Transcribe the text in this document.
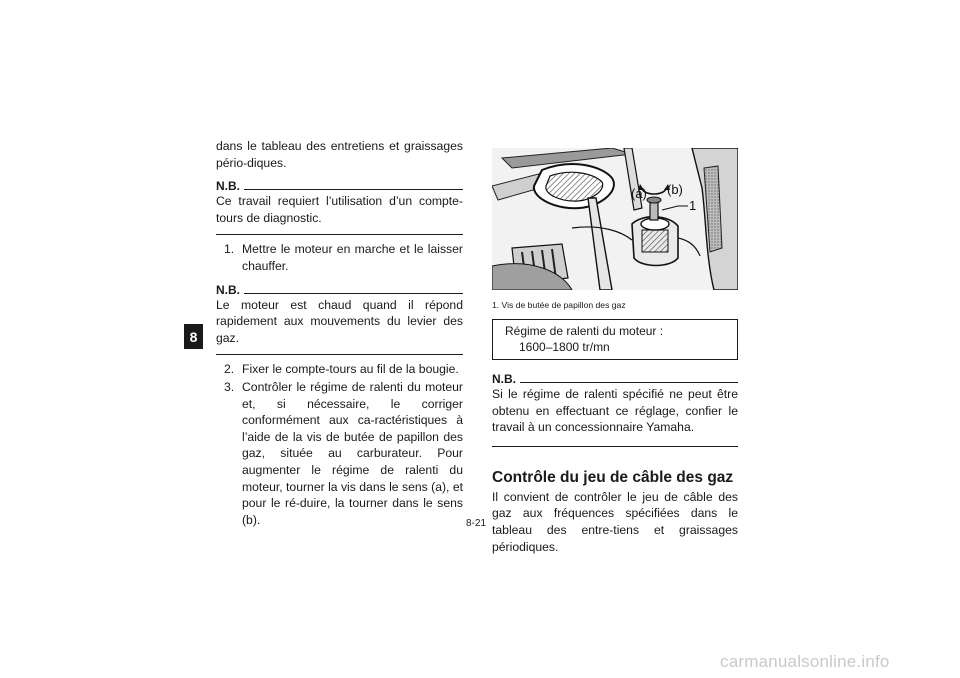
8

dans le tableau des entretiens et graissages pério-diques.

N.B.

Ce travail requiert l’utilisation d’un compte-tours de diagnostic.

1. Mettre le moteur en marche et le laisser chauffer.
N.B.

Le moteur est chaud quand il répond rapidement aux mouvements du levier des gaz.

2. Fixer le compte-tours au fil de la bougie.
3. Contrôler le régime de ralenti du moteur et, si nécessaire, le corriger conformément aux ca-ractéristiques à l’aide de la vis de butée de papillon des gaz, située au carburateur. Pour augmenter le régime de ralenti du moteur, tourner la vis dans le sens (a), et pour le ré-duire, la tourner dans le sens (b).
(a) (b)
1
1. Vis de butée de papillon des gaz
Régime de ralenti du moteur :
1600–1800 tr/mn
N.B.

Si le régime de ralenti spécifié ne peut être obtenu en effectuant ce réglage, confier le travail à un concessionnaire Yamaha.

Contrôle du jeu de câble des gaz

Il convient de contrôler le jeu de câble des gaz aux fréquences spécifiées dans le tableau des entre-tiens et graissages périodiques.

8-21
carmanualsonline.info
